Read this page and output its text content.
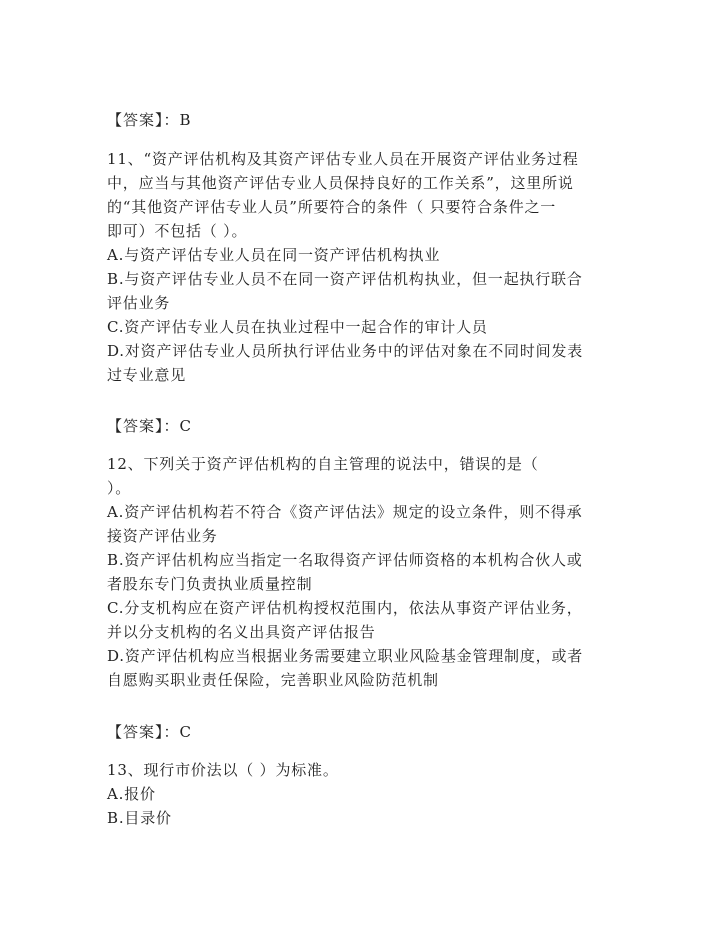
【答案】：B
11、“资产评估机构及其资产评估专业人员在开展资产评估业务过程
中，应当与其他资产评估专业人员保持良好的工作关系”，这里所说
的“其他资产评估专业人员”所要符合的条件（ 只要符合条件之一
即可）不包括（ ）。
A.与资产评估专业人员在同一资产评估机构执业
B.与资产评估专业人员不在同一资产评估机构执业，但一起执行联合
评估业务
C.资产评估专业人员在执业过程中一起合作的审计人员
D.对资产评估专业人员所执行评估业务中的评估对象在不同时间发表
过专业意见
【答案】：C
12、下列关于资产评估机构的自主管理的说法中，错误的是（
）。
A.资产评估机构若不符合《资产评估法》规定的设立条件，则不得承
接资产评估业务
B.资产评估机构应当指定一名取得资产评估师资格的本机构合伙人或
者股东专门负责执业质量控制
C.分支机构应在资产评估机构授权范围内，依法从事资产评估业务，
并以分支机构的名义出具资产评估报告
D.资产评估机构应当根据业务需要建立职业风险基金管理制度，或者
自愿购买职业责任保险，完善职业风险防范机制
【答案】：C
13、现行市价法以（ ）为标准。
A.报价
B.目录价
